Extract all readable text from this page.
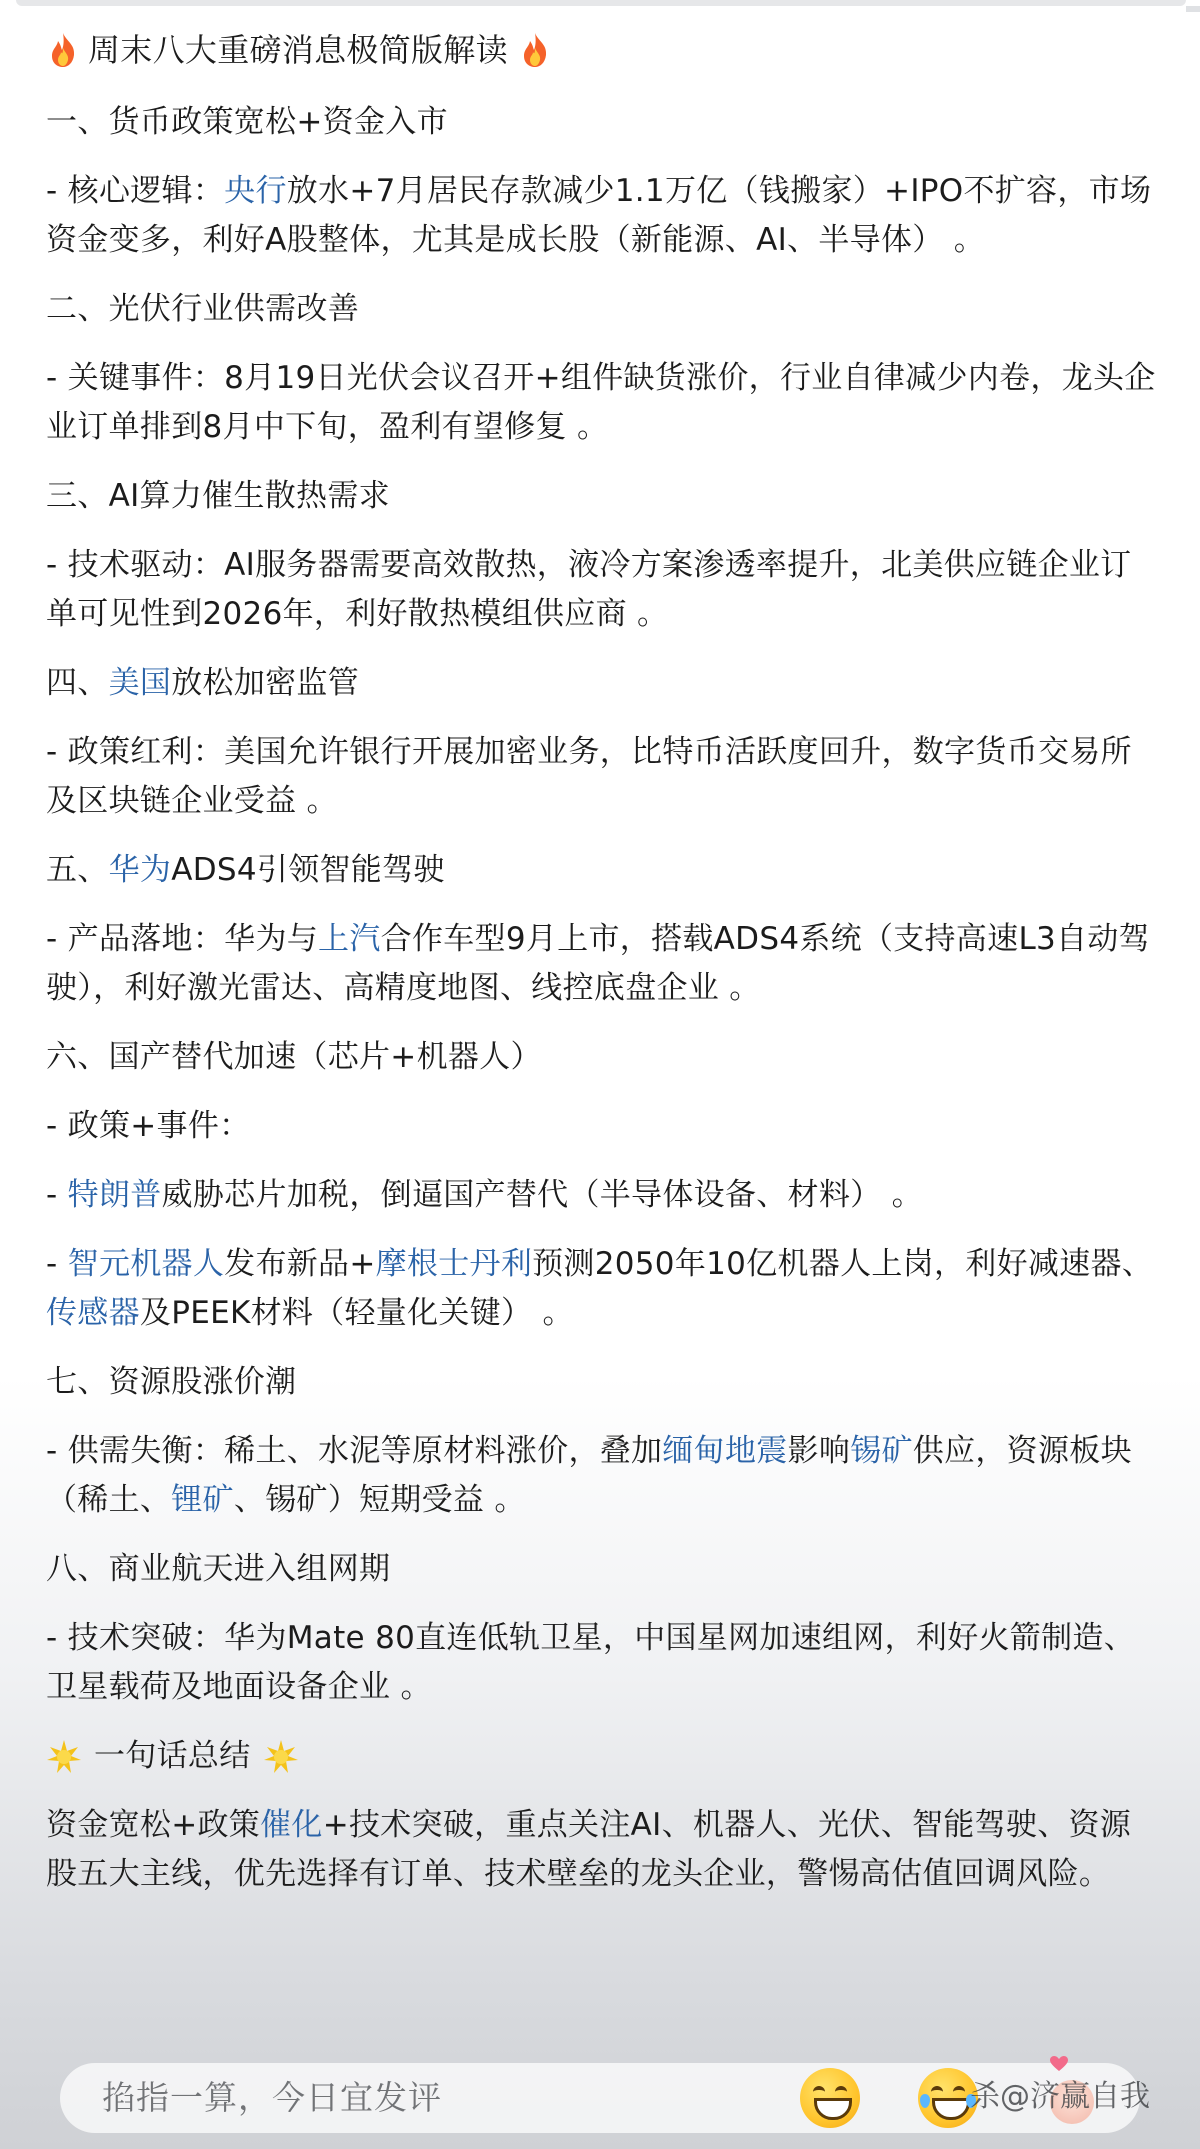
周末八大重磅消息极简版解读
一、货币政策宽松+资金入市
- 核心逻辑：央行放水+7月居民存款减少1.1万亿（钱搬家）+IPO不扩容，市场资金变多，利好A股整体，尤其是成长股（新能源、AI、半导体） 。
二、光伏行业供需改善
- 关键事件：8月19日光伏会议召开+组件缺货涨价，行业自律减少内卷，龙头企业订单排到8月中下旬，盈利有望修复 。
三、AI算力催生散热需求
- 技术驱动：AI服务器需要高效散热，液冷方案渗透率提升，北美供应链企业订单可见性到2026年，利好散热模组供应商 。
四、美国放松加密监管
- 政策红利：美国允许银行开展加密业务，比特币活跃度回升，数字货币交易所及区块链企业受益 。
五、华为ADS4引领智能驾驶
- 产品落地：华为与上汽合作车型9月上市，搭载ADS4系统（支持高速L3自动驾驶），利好激光雷达、高精度地图、线控底盘企业 。
六、国产替代加速（芯片+机器人）
- 政策+事件：
- 特朗普威胁芯片加税，倒逼国产替代（半导体设备、材料） 。
- 智元机器人发布新品+摩根士丹利预测2050年10亿机器人上岗，利好减速器、传感器及PEEK材料（轻量化关键） 。
七、资源股涨价潮
- 供需失衡：稀土、水泥等原材料涨价，叠加缅甸地震影响锡矿供应，资源板块（稀土、锂矿、锡矿）短期受益 。
八、商业航天进入组网期
- 技术突破：华为Mate 80直连低轨卫星，中国星网加速组网，利好火箭制造、卫星载荷及地面设备企业 。
一句话总结
资金宽松+政策催化+技术突破，重点关注AI、机器人、光伏、智能驾驶、资源股五大主线，优先选择有订单、技术壁垒的龙头企业，警惕高估值回调风险。
掐指一算，今日宜发评	杀@济赢自我
